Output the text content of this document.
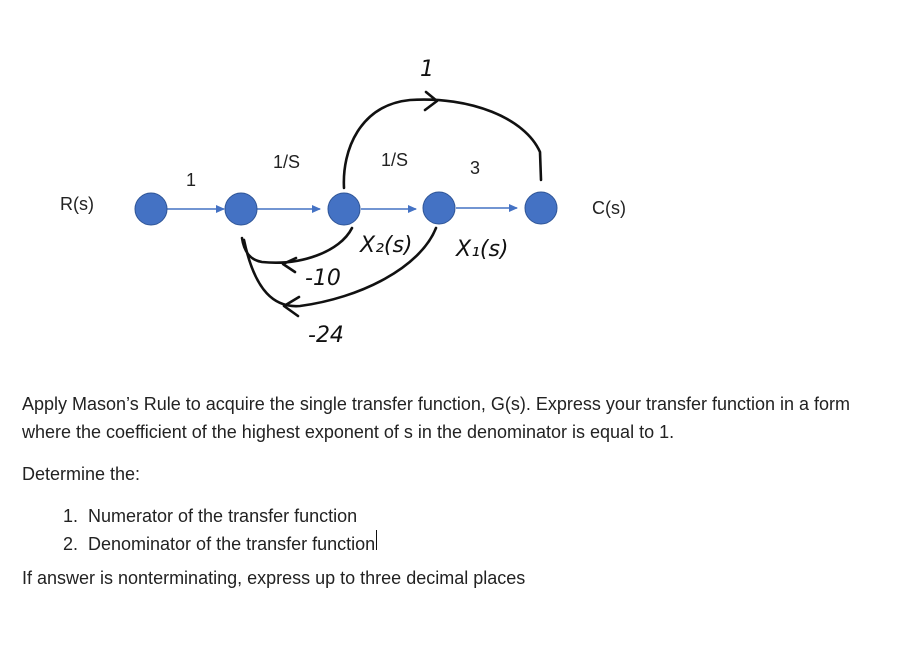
R(s)	C(s)
1
1/S	1/S	3
1
-10
-24
X₂(s) X₁(s)

Apply Mason’s Rule to acquire the single transfer function, G(s). Express your transfer function in a form where the coefficient of the highest exponent of s in the denominator is equal to 1.

Determine the:

1. Numerator of the transfer function
2. Denominator of the transfer function

If answer is nonterminating, express up to three decimal places
